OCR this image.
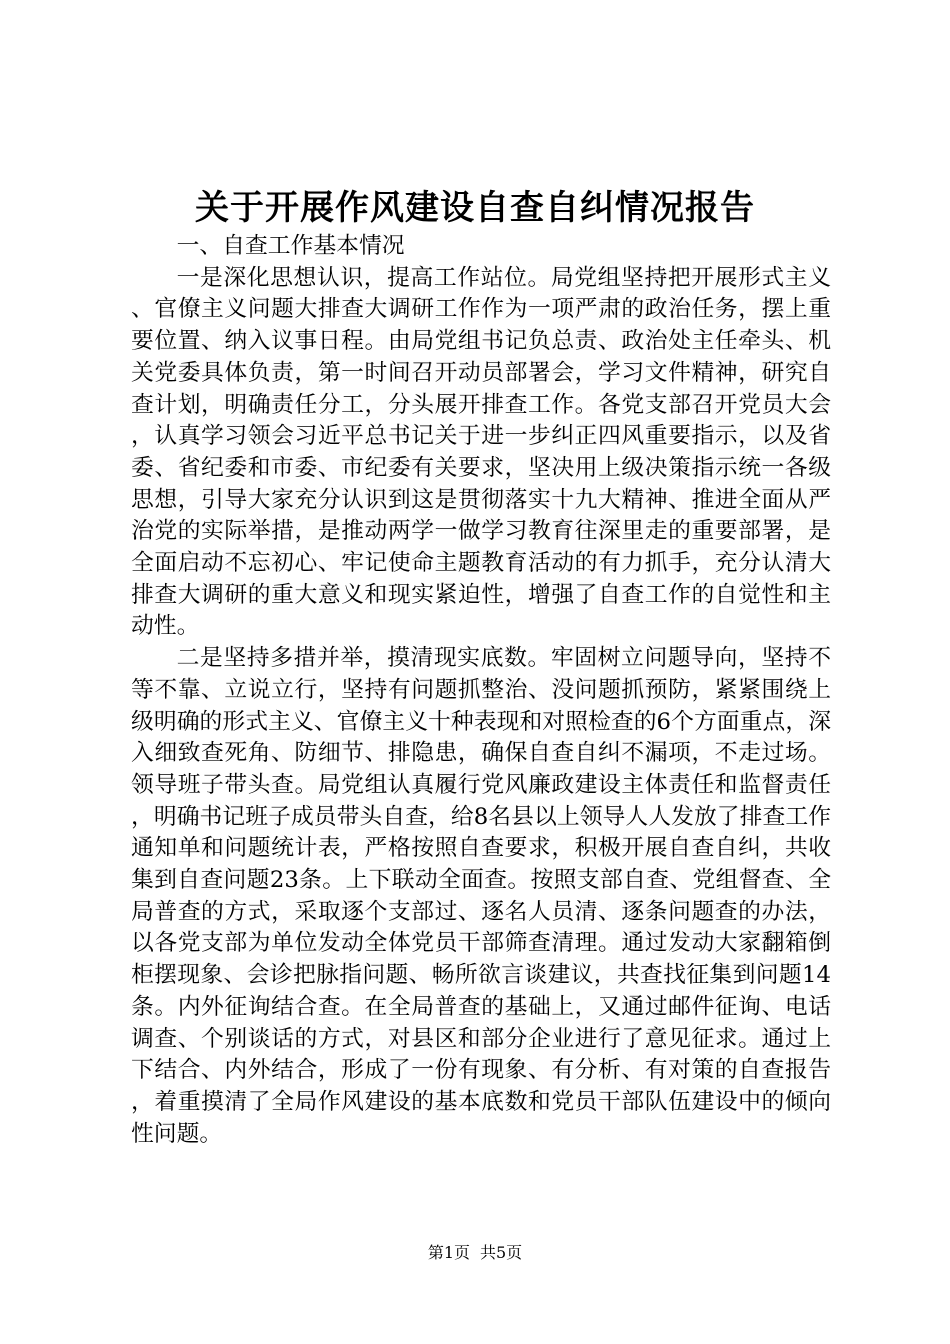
关于开展作风建设自查自纠情况报告

一、自查工作基本情况

一是深化思想认识，提高工作站位。局党组坚持把开展形式主义、官僚主义问题大排查大调研工作作为一项严肃的政治任务，摆上重要位置、纳入议事日程。由局党组书记负总责、政治处主任牵头、机关党委具体负责，第一时间召开动员部署会，学习文件精神，研究自查计划，明确责任分工，分头展开排查工作。各党支部召开党员大会，认真学习领会习近平总书记关于进一步纠正四风重要指示，以及省委、省纪委和市委、市纪委有关要求，坚决用上级决策指示统一各级思想，引导大家充分认识到这是贯彻落实十九大精神、推进全面从严治党的实际举措，是推动两学一做学习教育往深里走的重要部署，是全面启动不忘初心、牢记使命主题教育活动的有力抓手，充分认清大排查大调研的重大意义和现实紧迫性，增强了自查工作的自觉性和主动性。

二是坚持多措并举，摸清现实底数。牢固树立问题导向，坚持不等不靠、立说立行，坚持有问题抓整治、没问题抓预防，紧紧围绕上级明确的形式主义、官僚主义十种表现和对照检查的6个方面重点，深入细致查死角、防细节、排隐患，确保自查自纠不漏项，不走过场。领导班子带头查。局党组认真履行党风廉政建设主体责任和监督责任，明确书记班子成员带头自查，给8名县以上领导人人发放了排查工作通知单和问题统计表，严格按照自查要求，积极开展自查自纠，共收集到自查问题23条。上下联动全面查。按照支部自查、党组督查、全局普查的方式，采取逐个支部过、逐名人员清、逐条问题查的办法，以各党支部为单位发动全体党员干部筛查清理。通过发动大家翻箱倒柜摆现象、会诊把脉指问题、畅所欲言谈建议，共查找征集到问题14条。内外征询结合查。在全局普查的基础上，又通过邮件征询、电话调查、个别谈话的方式，对县区和部分企业进行了意见征求。通过上下结合、内外结合，形成了一份有现象、有分析、有对策的自查报告，着重摸清了全局作风建设的基本底数和党员干部队伍建设中的倾向性问题。

第1页 共5页
